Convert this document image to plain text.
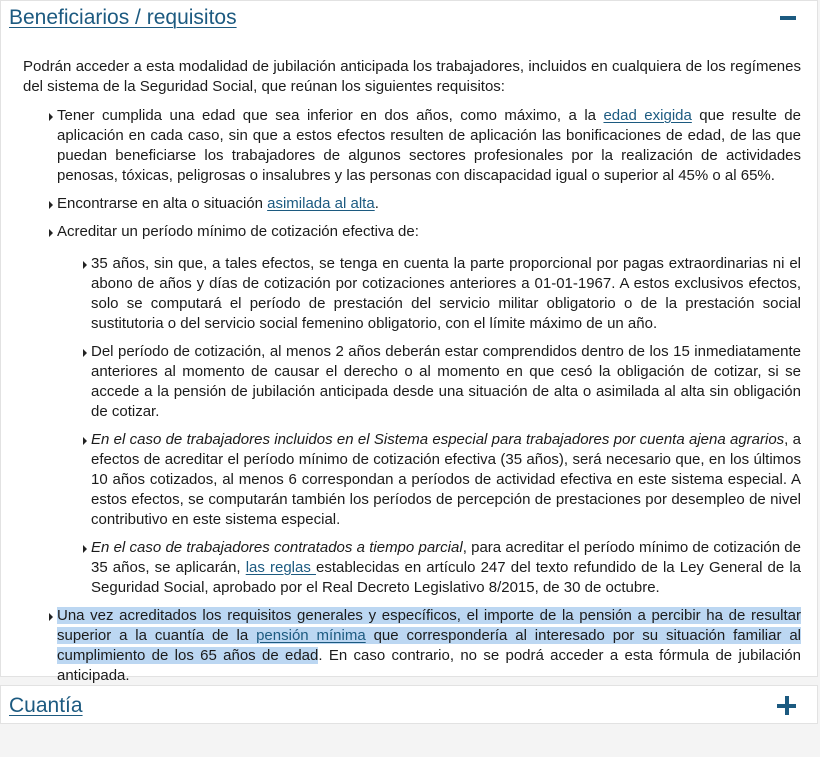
Beneficiarios / requisitos

Podrán acceder a esta modalidad de jubilación anticipada los trabajadores, incluidos en cualquiera de los regímenes del sistema de la Seguridad Social, que reúnan los siguientes requisitos:

Tener cumplida una edad que sea inferior en dos años, como máximo, a la edad exigida que resulte de aplicación en cada caso, sin que a estos efectos resulten de aplicación las bonificaciones de edad, de las que puedan beneficiarse los trabajadores de algunos sectores profesionales por la realización de actividades penosas, tóxicas, peligrosas o insalubres y las personas con discapacidad igual o superior al 45% o al 65%.
Encontrarse en alta o situación asimilada al alta.
Acreditar un período mínimo de cotización efectiva de:
35 años, sin que, a tales efectos, se tenga en cuenta la parte proporcional por pagas extraordinarias ni el abono de años y días de cotización por cotizaciones anteriores a 01-01-1967. A estos exclusivos efectos, solo se computará el período de prestación del servicio militar obligatorio o de la prestación social sustitutoria o del servicio social femenino obligatorio, con el límite máximo de un año.
Del período de cotización, al menos 2 años deberán estar comprendidos dentro de los 15 inmediatamente anteriores al momento de causar el derecho o al momento en que cesó la obligación de cotizar, si se accede a la pensión de jubilación anticipada desde una situación de alta o asimilada al alta sin obligación de cotizar.
En el caso de trabajadores incluidos en el Sistema especial para trabajadores por cuenta ajena agrarios, a efectos de acreditar el período mínimo de cotización efectiva (35 años), será necesario que, en los últimos 10 años cotizados, al menos 6 correspondan a períodos de actividad efectiva en este sistema especial. A estos efectos, se computarán también los períodos de percepción de prestaciones por desempleo de nivel contributivo en este sistema especial.
En el caso de trabajadores contratados a tiempo parcial, para acreditar el período mínimo de cotización de 35 años, se aplicarán, las reglas establecidas en artículo 247 del texto refundido de la Ley General de la Seguridad Social, aprobado por el Real Decreto Legislativo 8/2015, de 30 de octubre.
Una vez acreditados los requisitos generales y específicos, el importe de la pensión a percibir ha de resultar superior a la cuantía de la pensión mínima que correspondería al interesado por su situación familiar al cumplimiento de los 65 años de edad. En caso contrario, no se podrá acceder a esta fórmula de jubilación anticipada.
Cuantía
